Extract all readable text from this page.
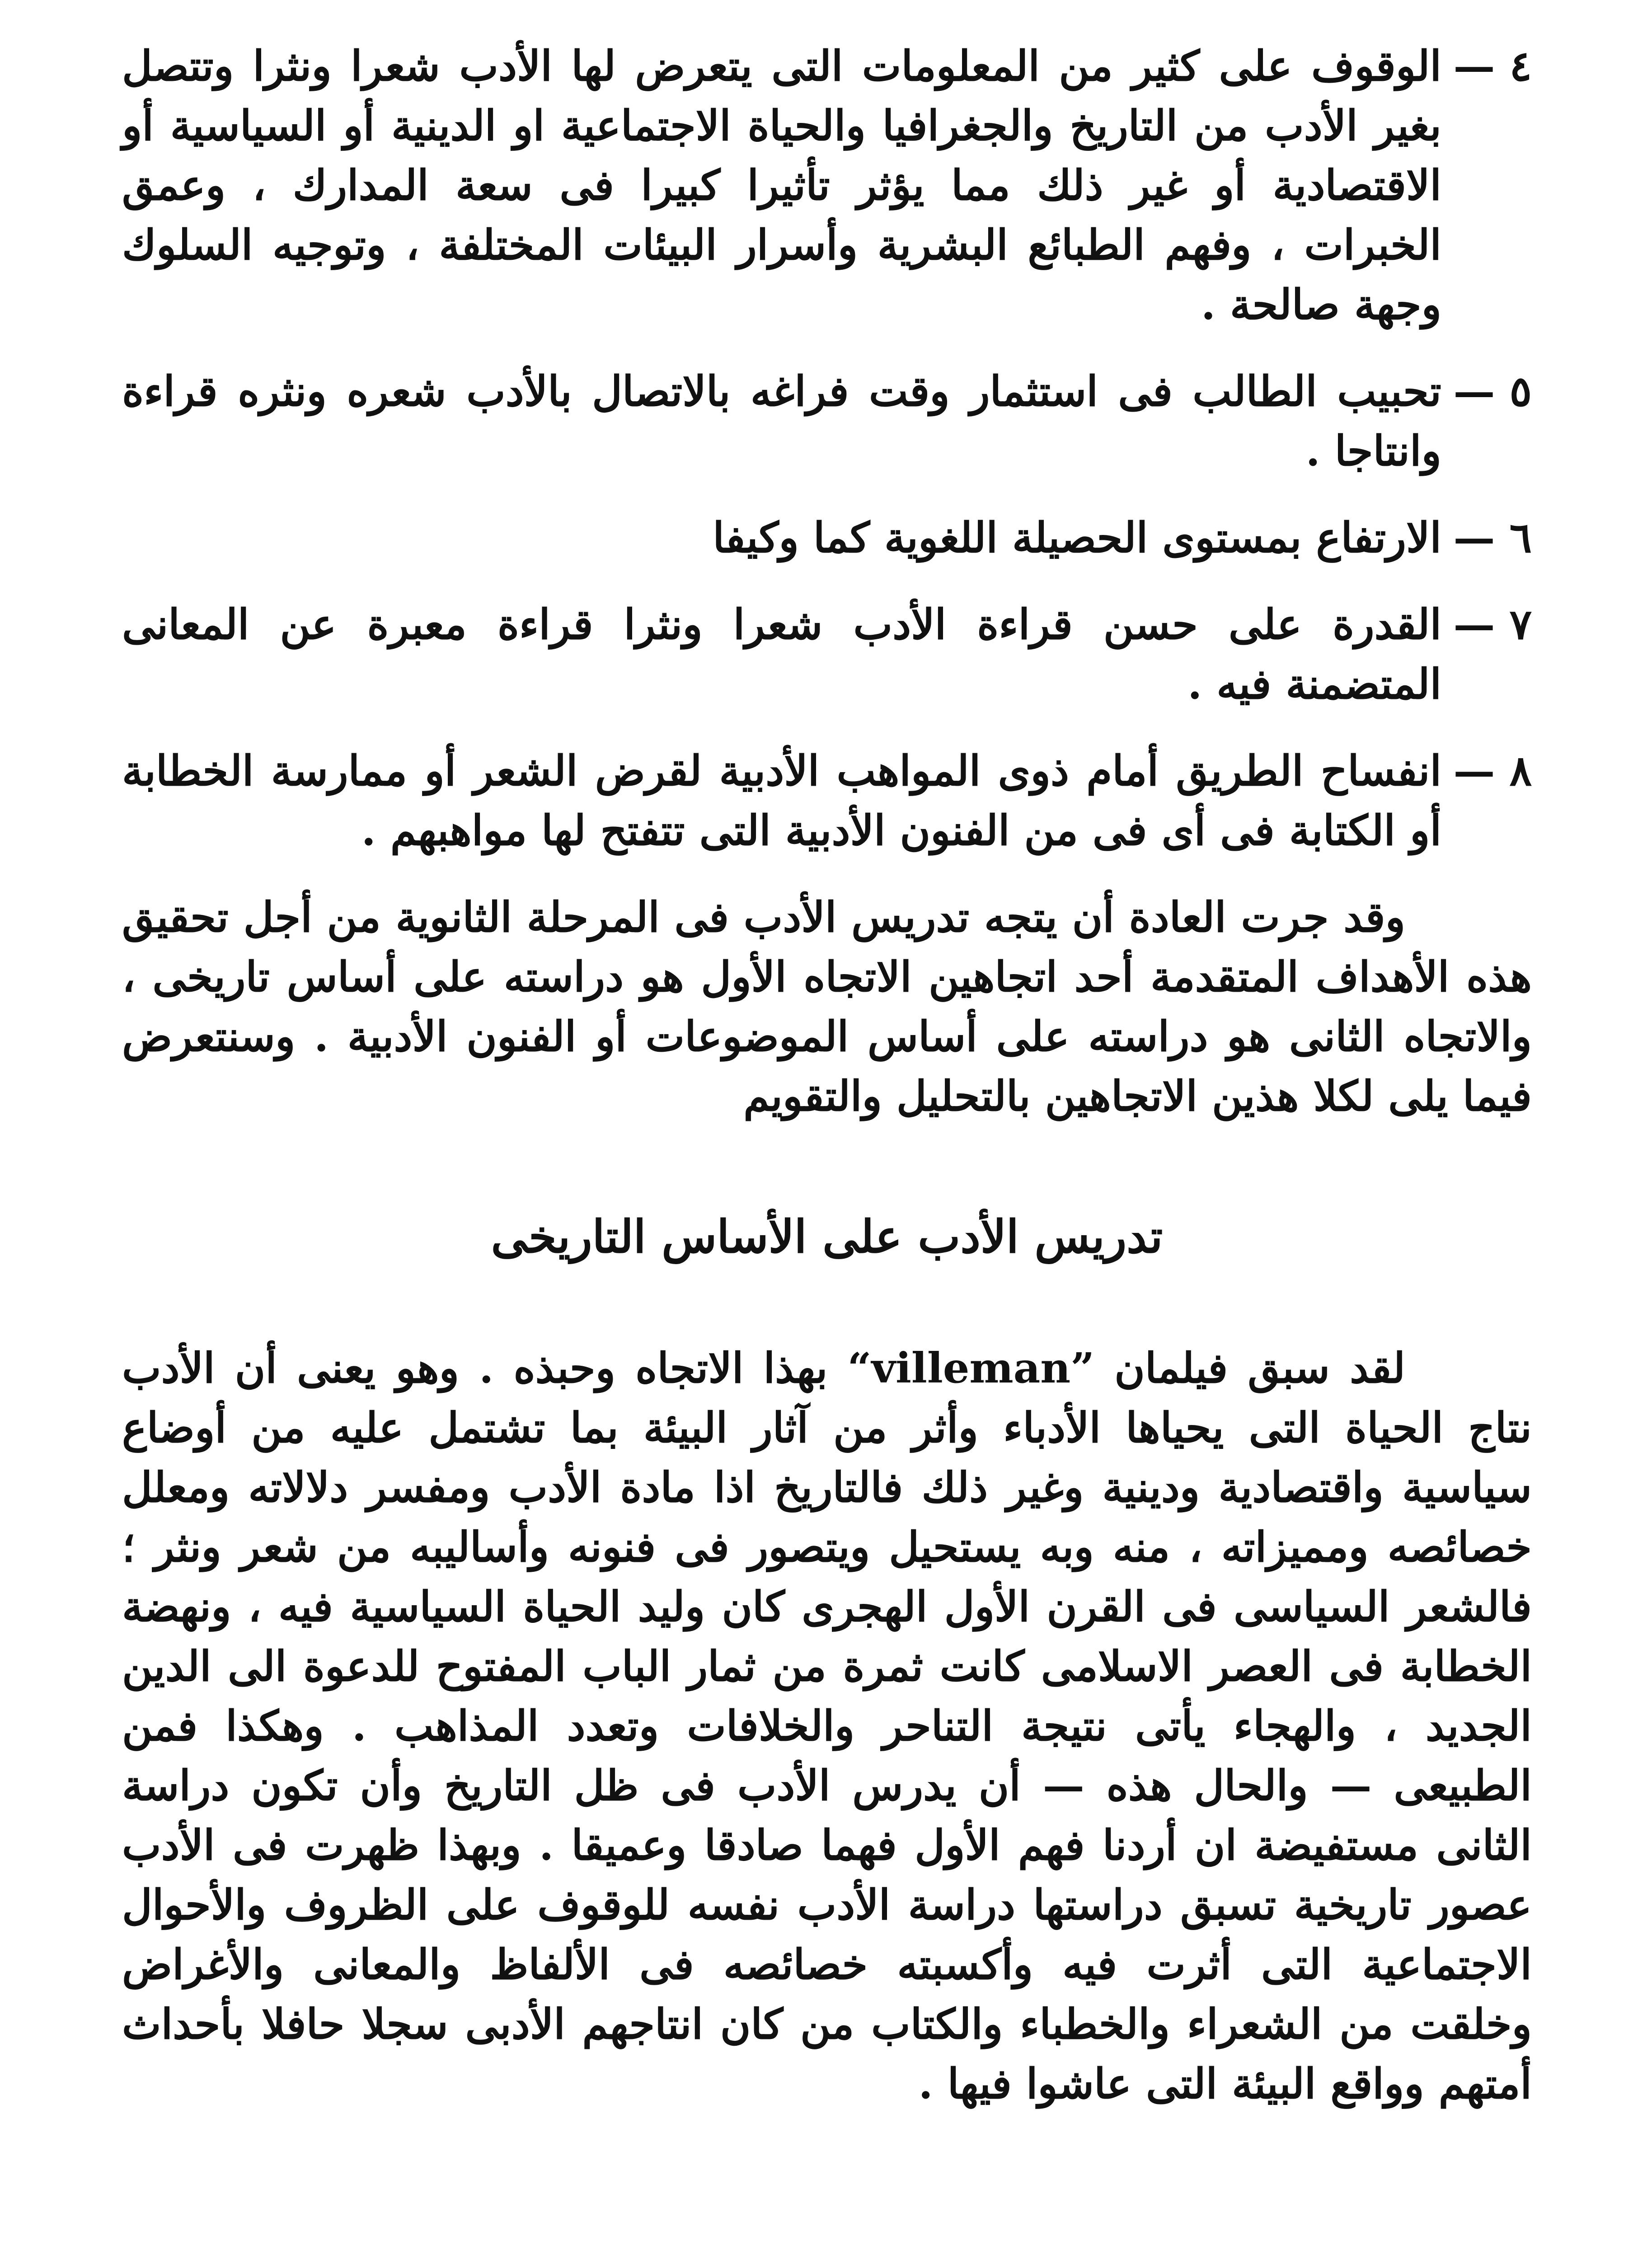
٤ —

الوقوف على كثير من المعلومات التى يتعرض لها الأدب شعرا ونثرا وتتصل بغير الأدب من التاريخ والجغرافيا والحياة الاجتماعية او الدينية أو السياسية أو الاقتصادية أو غير ذلك مما يؤثر تأثيرا كبيرا فى سعة المدارك ، وعمق الخبرات ، وفهم الطبائع البشرية وأسرار البيئات المختلفة ، وتوجيه السلوك وجهة صالحة .

٥ —

تحبيب الطالب فى استثمار وقت فراغه بالاتصال بالأدب شعره ونثره قراءة وانتاجا .

٦ —

الارتفاع بمستوى الحصيلة اللغوية كما وكيفا

٧ —

القدرة على حسن قراءة الأدب شعرا ونثرا قراءة معبرة عن المعانى المتضمنة فيه .

٨ —

انفساح الطريق أمام ذوى المواهب الأدبية لقرض الشعر أو ممارسة الخطابة أو الكتابة فى أى فى من الفنون الأدبية التى تتفتح لها مواهبهم .

وقد جرت العادة أن يتجه تدريس الأدب فى المرحلة الثانوية من أجل تحقيق هذه الأهداف المتقدمة أحد اتجاهين الاتجاه الأول هو دراسته على أساس تاريخى ، والاتجاه الثانى هو دراسته على أساس الموضوعات أو الفنون الأدبية . وسنتعرض فيما يلى لكلا هذين الاتجاهين بالتحليل والتقويم

تدريس الأدب على الأساس التاريخى

لقد سبق فيلمان ”villeman“ بهذا الاتجاه وحبذه . وهو يعنى أن الأدب نتاج الحياة التى يحياها الأدباء وأثر من آثار البيئة بما تشتمل عليه من أوضاع سياسية واقتصادية ودينية وغير ذلك فالتاريخ اذا مادة الأدب ومفسر دلالاته ومعلل خصائصه ومميزاته ، منه وبه يستحيل ويتصور فى فنونه وأساليبه من شعر ونثر ؛ فالشعر السياسى فى القرن الأول الهجرى كان وليد الحياة السياسية فيه ، ونهضة الخطابة فى العصر الاسلامى كانت ثمرة من ثمار الباب المفتوح للدعوة الى الدين الجديد ، والهجاء يأتى نتيجة التناحر والخلافات وتعدد المذاهب . وهكذا فمن الطبيعى — والحال هذه — أن يدرس الأدب فى ظل التاريخ وأن تكون دراسة الثانى مستفيضة ان أردنا فهم الأول فهما صادقا وعميقا . وبهذا ظهرت فى الأدب عصور تاريخية تسبق دراستها دراسة الأدب نفسه للوقوف على الظروف والأحوال الاجتماعية التى أثرت فيه وأكسبته خصائصه فى الألفاظ والمعانى والأغراض وخلقت من الشعراء والخطباء والكتاب من كان انتاجهم الأدبى سجلا حافلا بأحداث أمتهم وواقع البيئة التى عاشوا فيها .
